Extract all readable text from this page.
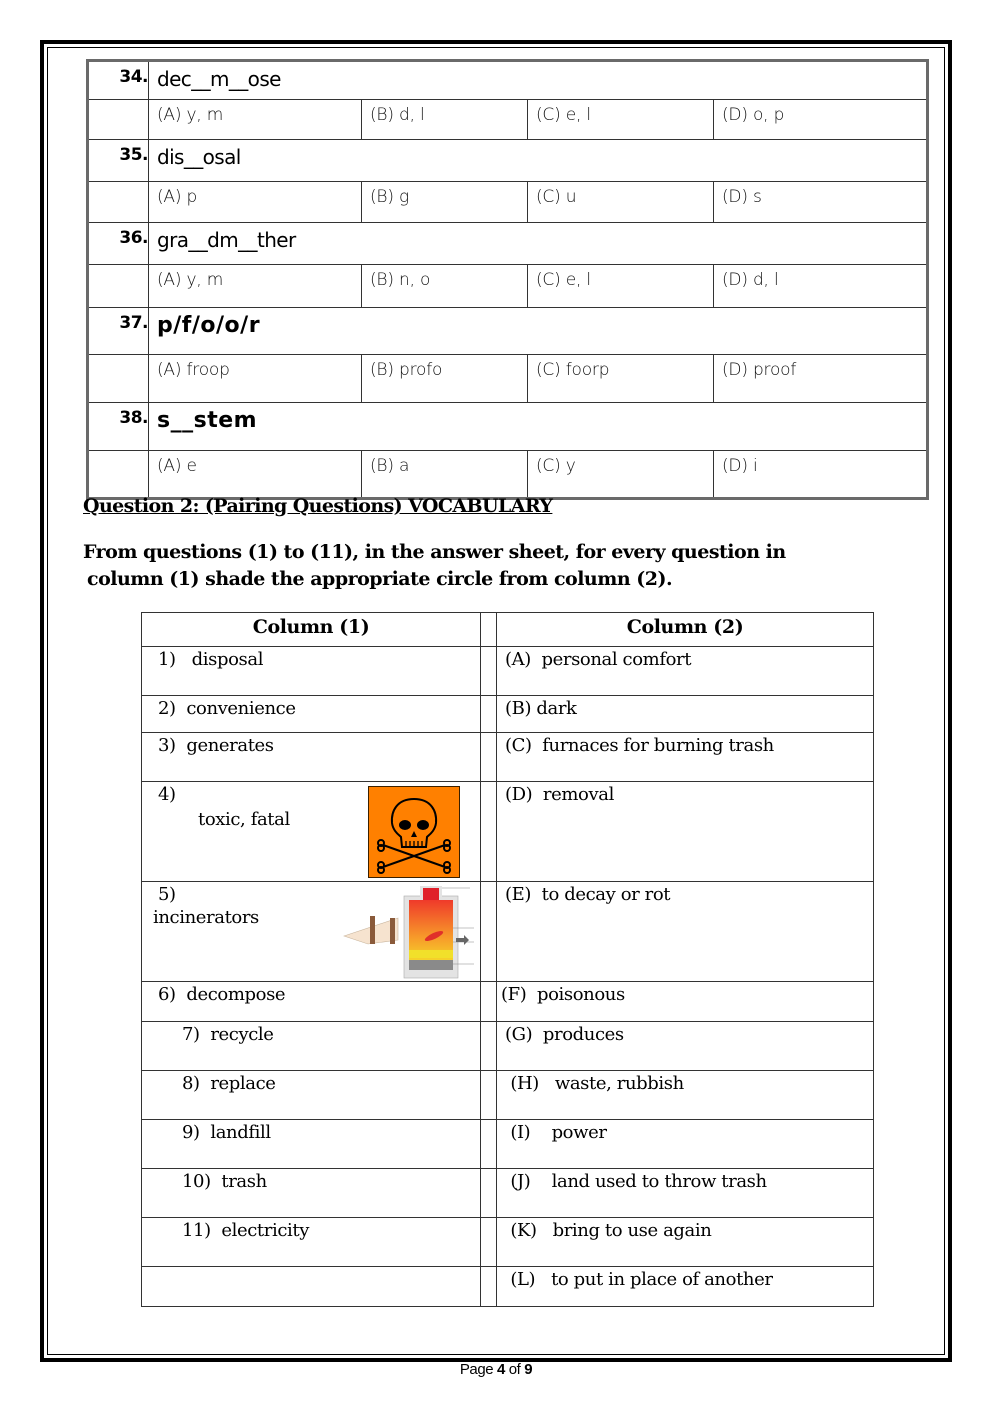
34.	dec__m__ose			
	(A) y, m	(B) d, l	(C) e, l	(D) o, p
35.	dis__osal			
	(A) p	(B) g	(C) u	(D) s
36.	gra__dm__ther			
	(A) y, m	(B) n, o	(C) e, l	(D) d, l
37.	p/f/o/o/r			
	(A) froop	(B) profo	(C) foorp	(D) proof
38.	s__stem			
	(A) e	(B) a	(C) y	(D) i
Question 2: (Pairing Questions) VOCABULARY
From questions (1) to (11), in the answer sheet, for every question in
column (1) shade the appropriate circle from column (2).
Column (1)		Column (2)

1) disposal		(A)  personal comfort

2) convenience		(B) dark

3) generates		(C)  furnaces for burning trash

4)
toxic, fatal		(D)  removal

5)
incinerators		(E)  to decay or rot

6) decompose		(F)  poisonous

7) recycle		(G)  produces

8) replace		(H)   waste, rubbish

9) landfill		(I)    power

10) trash		(J)    land used to throw trash

11) electricity		(K)   bring to use again

		(L)   to put in place of another
Page 4 of 9
